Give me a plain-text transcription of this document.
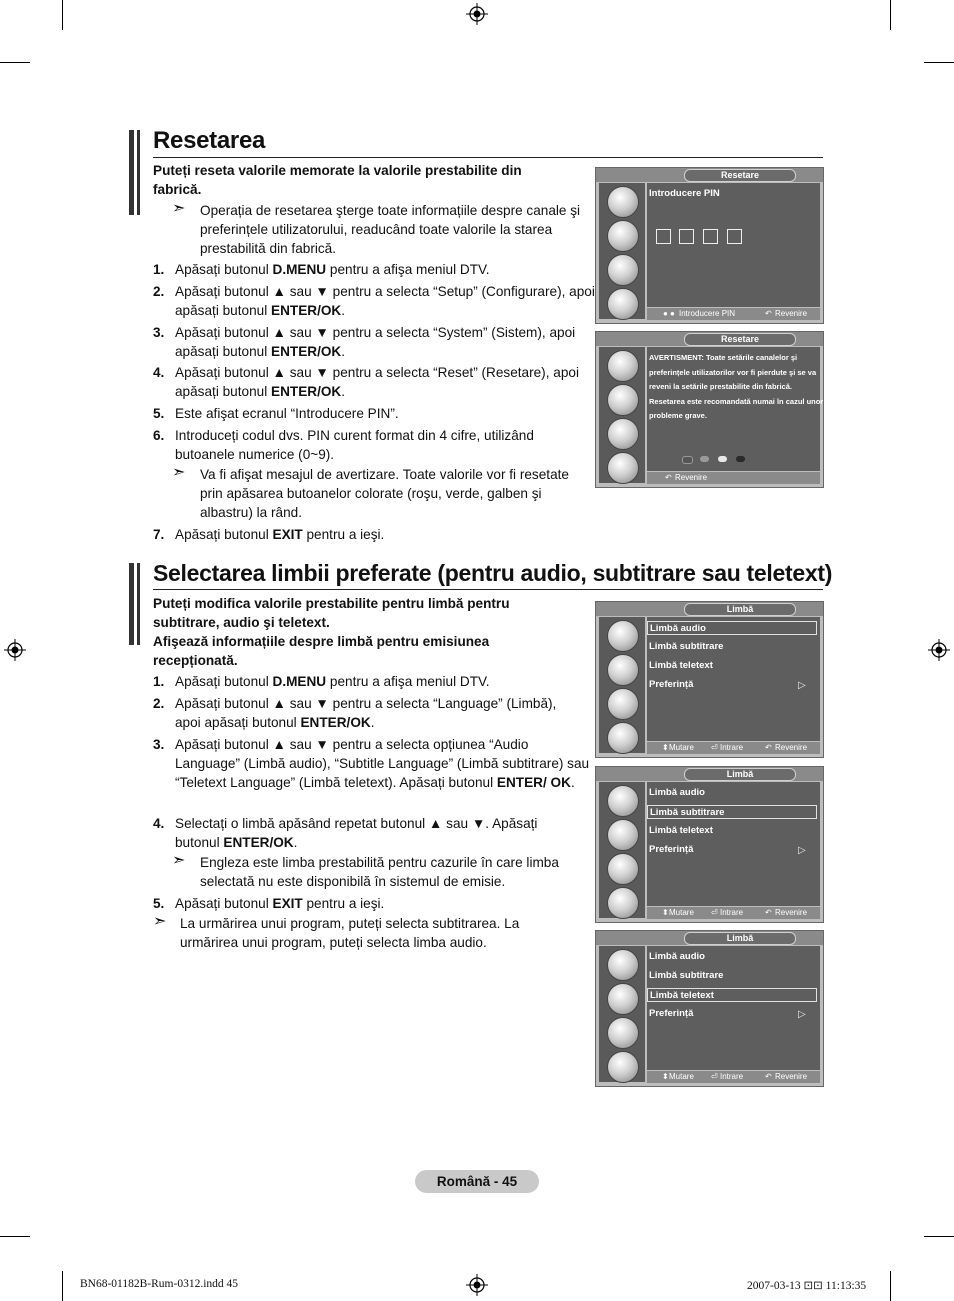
Resetarea
Puteți reseta valorile memorate la valorile prestabilite din fabrică.
➣ Operația de resetarea şterge toate informațiile despre canale şi preferințele utilizatorului, readucând toate valorile la starea prestabilită din fabrică.
1. Apăsați butonul D.MENU pentru a afişa meniul DTV.
2. Apăsați butonul ▲ sau ▼ pentru a selecta “Setup” (Configurare), apoi apăsați butonul ENTER/OK.
3. Apăsați butonul ▲ sau ▼ pentru a selecta “System” (Sistem), apoi apăsați butonul ENTER/OK.
4. Apăsați butonul ▲ sau ▼ pentru a selecta “Reset” (Resetare), apoi apăsați butonul ENTER/OK.
5. Este afişat ecranul “Introducere PIN”.
6. Introduceți codul dvs. PIN curent format din 4 cifre, utilizând butoanele numerice (0~9).
➣ Va fi afişat mesajul de avertizare. Toate valorile vor fi resetate prin apăsarea butoanelor colorate (roşu, verde, galben şi albastru) la rând.
7. Apăsați butonul EXIT pentru a ieşi.
Resetare
Introducere PIN
● ● Introducere PIN	↶ Revenire
Resetare
AVERTISMENT: Toate setările canalelor şi preferințele utilizatorilor vor fi pierdute şi se va reveni la setările prestabilite din fabrică. Resetarea este recomandată numai în cazul unor probleme grave.
↶ Revenire
Selectarea limbii preferate (pentru audio, subtitrare sau teletext)
Puteți modifica valorile prestabilite pentru limbă pentru subtitrare, audio şi teletext.
Afişează informațiile despre limbă pentru emisiunea recepționată.
1. Apăsați butonul D.MENU pentru a afişa meniul DTV.
2. Apăsați butonul ▲ sau ▼ pentru a selecta “Language” (Limbă), apoi apăsați butonul ENTER/OK.
3. Apăsați butonul ▲ sau ▼ pentru a selecta opțiunea “Audio Language” (Limbă audio), “Subtitle Language” (Limbă subtitrare) sau “Teletext Language” (Limbă teletext). Apăsați butonul ENTER/ OK.
4. Selectați o limbă apăsând repetat butonul ▲ sau ▼. Apăsați butonul ENTER/OK.
➣ Engleza este limba prestabilită pentru cazurile în care limba selectată nu este disponibilă în sistemul de emisie.
5. Apăsați butonul EXIT pentru a ieşi.
➣ La urmărirea unui program, puteți selecta subtitrarea. La urmărirea unui program, puteți selecta limba audio.
Limbă
Limbă audio
Limbă subtitrare
Limbă teletext
Preferință	▷
⬍ Mutare ⏎ Intrare	↶ Revenire
Limbă
Limbă audio
Limbă subtitrare
Limbă teletext
Preferință	▷
⬍ Mutare ⏎ Intrare	↶ Revenire
Limbă
Limbă audio
Limbă subtitrare
Limbă teletext
Preferință	▷
⬍ Mutare ⏎ Intrare	↶ Revenire
Română - 45
BN68-01182B-Rum-0312.indd 45	2007-03-13 ⊡⊡ 11:13:35
